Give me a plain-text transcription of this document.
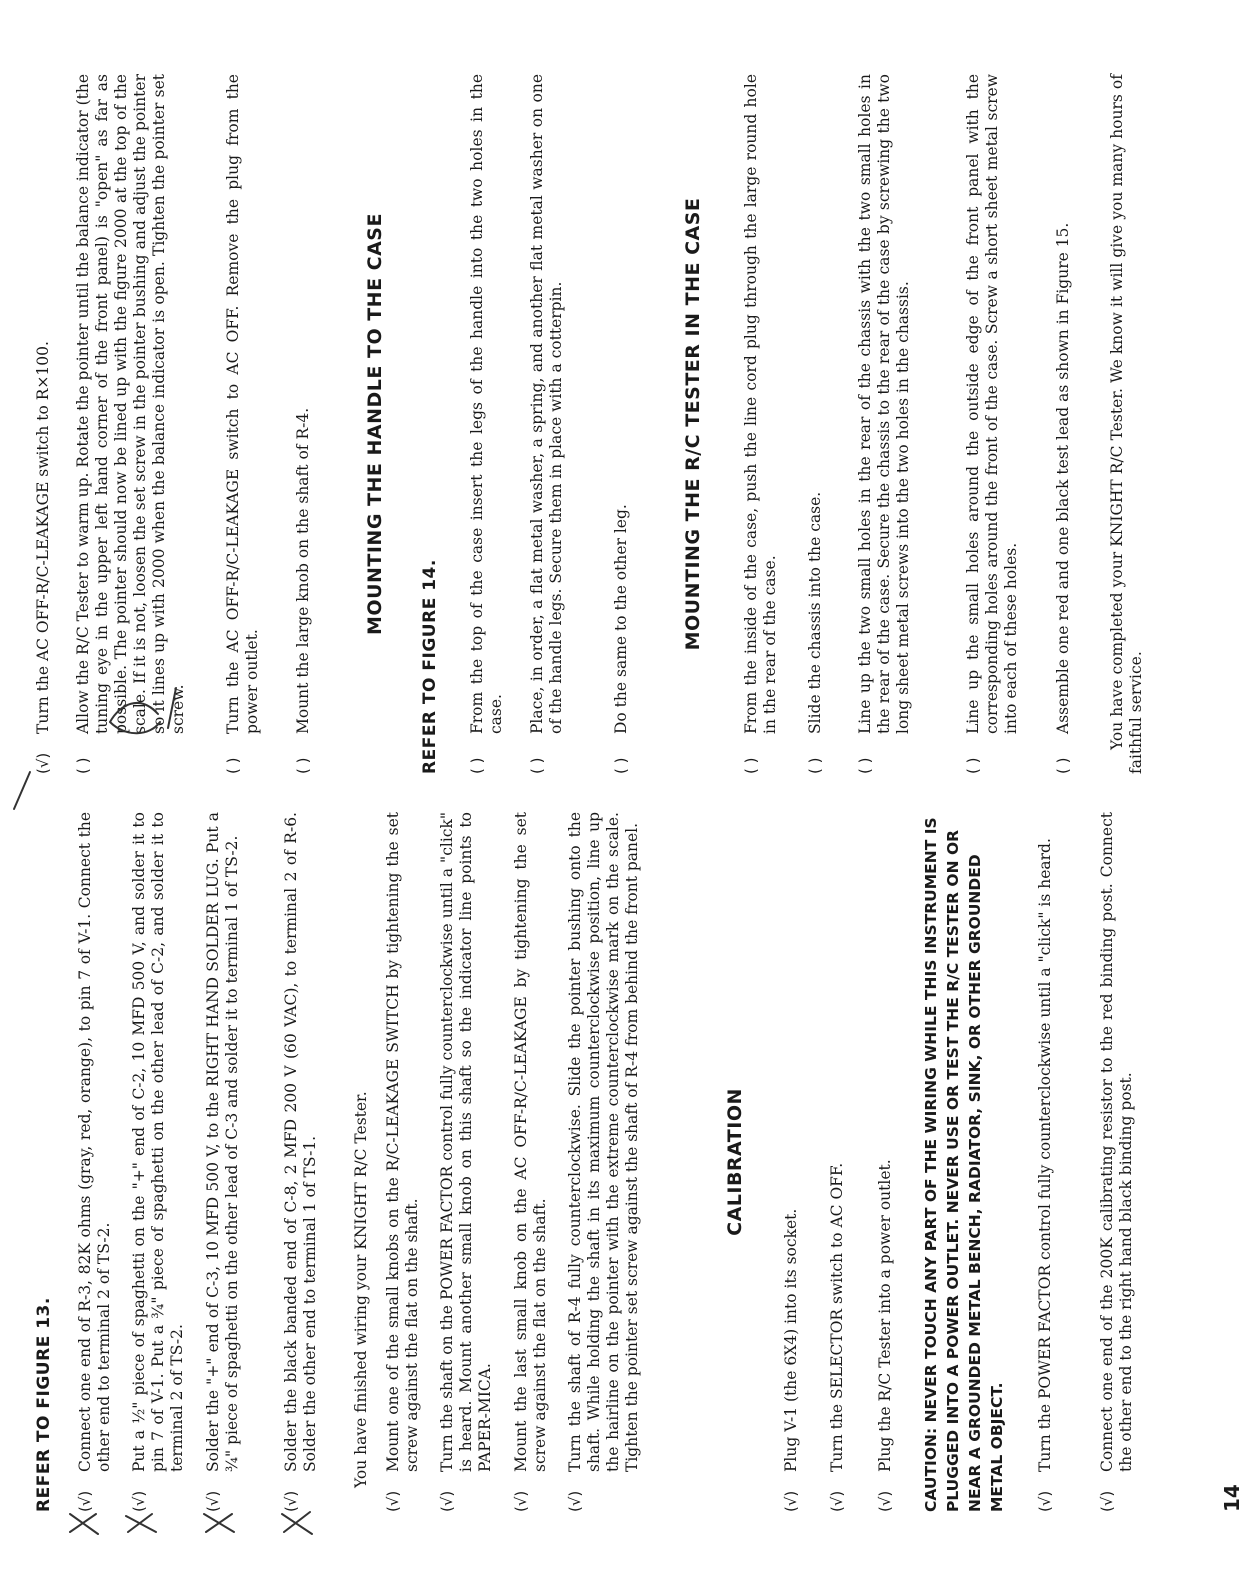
REFER TO FIGURE 13. (√)
Connect one end of R-3, 82K ohms (gray, red, orange), to pin 7 of V-1. Connect the other end to terminal 2 of TS-2.
(√)
Put a ½" piece of spaghetti on the "+" end of C-2, 10 MFD 500 V, and solder it to pin 7 of V-1. Put a ¾" piece of spaghetti on the other lead of C-2, and solder it to terminal 2 of TS-2.
(√)
Solder the "+" end of C-3, 10 MFD 500 V, to the RIGHT HAND SOLDER LUG. Put a ¾" piece of spaghetti on the other lead of C-3 and solder it to terminal 1 of TS-2.
(√)
Solder the black banded end of C-8, 2 MFD 200 V (60 VAC), to terminal 2 of R-6. Solder the other end to terminal 1 of TS-1. You have finished wiring your KNIGHT R/C Tester.
(√)
Mount one of the small knobs on the R/C-LEAKAGE SWITCH by tightening the set screw against the flat on the shaft.
(√)
Turn the shaft on the POWER FACTOR control fully counterclockwise until a "click" is heard. Mount another small knob on this shaft so the indicator line points to PAPER-MICA.
(√)
Mount the last small knob on the AC OFF-R/C-LEAKAGE by tightening the set screw against the flat on the shaft.
(√)
Turn the shaft of R-4 fully counterclockwise. Slide the pointer bushing onto the shaft. While holding the shaft in its maximum counterclockwise position, line up the hairline on the pointer with the extreme counterclockwise mark on the scale. Tighten the pointer set screw against the shaft of R-4 from behind the front panel.	CALIBRATION
(√)
Plug V-1 (the 6X4) into its socket.
(√)
Turn the SELECTOR switch to AC OFF.
(√)
Plug the R/C Tester into a power outlet. CAUTION: NEVER TOUCH ANY PART OF THE WIRING WHILE THIS INSTRUMENT IS PLUGGED INTO A POWER OUTLET. NEVER USE OR TEST THE R/C TESTER ON OR NEAR A GROUNDED METAL BENCH, RADIATOR, SINK, OR OTHER GROUNDED METAL OBJECT. (√)
Turn the POWER FACTOR control fully counterclockwise until a "click" is heard.
(√)
Connect one end of the 200K calibrating resistor to the red binding post. Connect the other end to the right hand black binding post.
14
(√)
Turn the AC OFF-R/C-LEAKAGE switch to R×100.
( )
Allow the R/C Tester to warm up. Rotate the pointer until the balance indicator (the tuning eye in the upper left hand corner of the front panel) is "open" as far as possible. The pointer should now be lined up with the figure 2000 at the top of the scale. If it is not, loosen the set screw in the pointer bushing and adjust the pointer so it lines up with 2000 when the balance indicator is open. Tighten the pointer set screw.
( )
Turn the AC OFF-R/C-LEAKAGE switch to AC OFF. Remove the plug from the power outlet.
( )
Mount the large knob on the shaft of R-4.	MOUNTING THE HANDLE TO THE CASE
REFER TO FIGURE 14. ( )
From the top of the case insert the legs of the handle into the two holes in the case.
( )
Place, in order, a flat metal washer, a spring, and another flat metal washer on one of the handle legs. Secure them in place with a cotterpin.
( )
Do the same to the other leg.	MOUNTING THE R/C TESTER IN THE CASE
( )
From the inside of the case, push the line cord plug through the large round hole in the rear of the case.
( )
Slide the chassis into the case.
( )
Line up the two small holes in the rear of the chassis with the two small holes in the rear of the case. Secure the chassis to the rear of the case by screwing the two long sheet metal screws into the two holes in the chassis.
( )
Line up the small holes around the outside edge of the front panel with the corresponding holes around the front of the case. Screw a short sheet metal screw into each of these holes.
( )
Assemble one red and one black test lead as shown in Figure 15. You have completed your KNIGHT R/C Tester. We know it will give you many hours of faithful service.
